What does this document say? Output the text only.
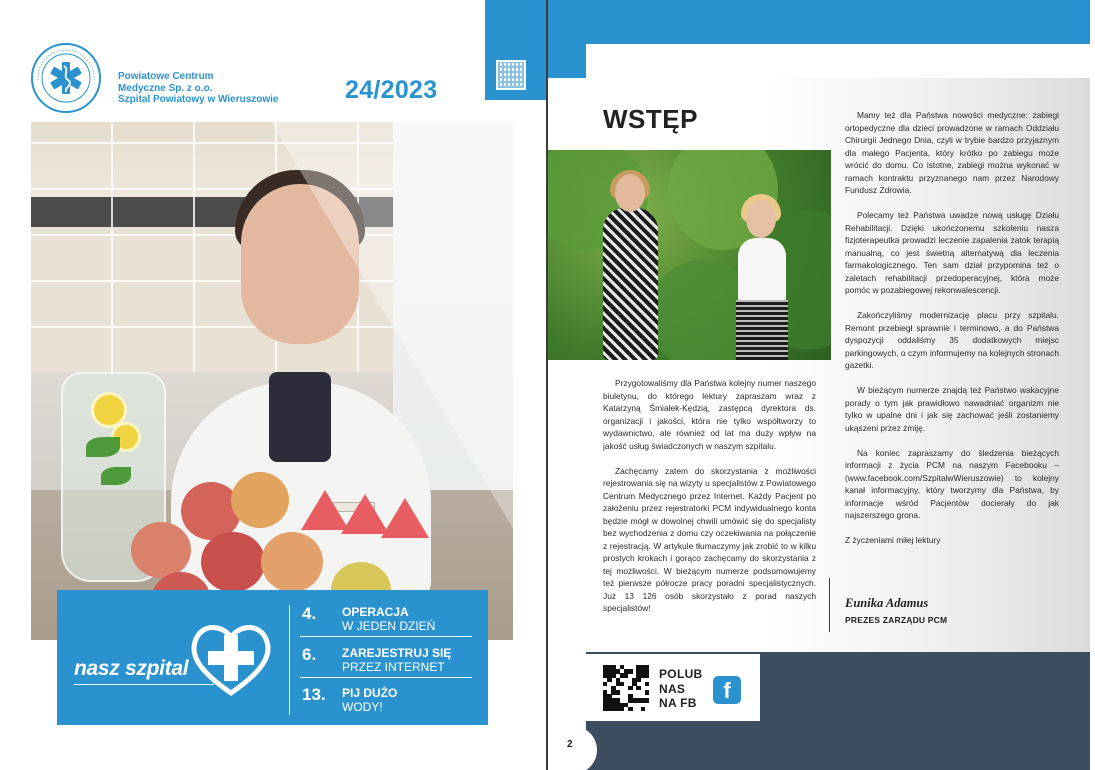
Powiatowe Centrum
Medyczne Sp. z o.o.
Szpital Powiatowy w Wieruszowie	24/2023
nasz szpital
4.	OPERACJA
W JEDEN DZIEŃ
6.	ZAREJESTRUJ SIĘ
PRZEZ INTERNET
13.	PIJ DUŻO
WODY!
WSTĘP

Przygotowaliśmy dla Państwa kolejny numer naszego biuletynu, do którego lektury zapraszam wraz z Katarzyną Śmiałek-Kędzią, zastępcą dyrektora ds. organizacji i jakości, która nie tylko współtworzy to wydawnictwo, ale również od lat ma duży wpływ na jakość usług świadczonych w naszym szpitalu.

Zachęcamy zatem do skorzystania z możliwości rejestrowania się na wizyty u specjalistów z Powiatowego Centrum Medycznego przez Internet. Każdy Pacjent po założeniu przez rejestratorki PCM indywidualnego konta będzie mógł w dowolnej chwili umówić się do specjalisty bez wychodzenia z domu czy oczekiwania na połączenie z rejestracją. W artykule tłumaczymy jak zrobić to w kilku prostych krokach i gorąco zachęcamy do skorzystania z tej możliwości. W bieżącym numerze podsumowujemy też pierwsze półrocze pracy poradni specjalistycznych. Już 13 126 osób skorzystało z porad naszych specjalistów!

Mamy też dla Państwa nowości medyczne: zabiegi ortopedyczne dla dzieci prowadzone w ramach Oddziału Chirurgii Jednego Dnia, czyli w trybie bardzo przyjaznym dla małego Pacjenta, który krótko po zabiegu może wrócić do domu. Co istotne, zabiegi można wykonać w ramach kontraktu przyznanego nam przez Narodowy Fundusz Zdrowia.

Polecamy też Państwa uwadze nową usługę Działu Rehabilitacji. Dzięki ukończonemu szkoleniu nasza fizjoterapeutka prowadzi leczenie zapalenia zatok terapią manualną, co jest świetną alternatywą dla leczenia farmakologicznego. Ten sam dział przypomina też o zaletach rehabilitacji przedoperacyjnej, która może pomóc w pozabiegowej rekonwalescencji.

Zakończyliśmy modernizację placu przy szpitalu. Remont przebiegł sprawnie i terminowo, a do Państwa dyspozycji oddaliśmy 35 dodatkowych miejsc parkingowych, o czym informujemy na kolejnych stronach gazetki.

W bieżącym numerze znajdą też Państwo wakacyjne porady o tym jak prawidłowo nawadniać organizm nie tylko w upalne dni i jak się zachować jeśli zostaniemy ukąszeni przez żmiję.

Na koniec zapraszamy do śledzenia bieżących informacji z życia PCM na naszym Facebooku – (www.facebook.com/SzpitalwWieruszowie) to kolejny kanał informacyjny, który tworzymy dla Państwa, by informacje wśród Pacjentów docierały do jak najszerszego grona.

Z życzeniami miłej lektury

Eunika Adamus
PREZES ZARZĄDU PCM
POLUB
NAS
NA FB	f
2
